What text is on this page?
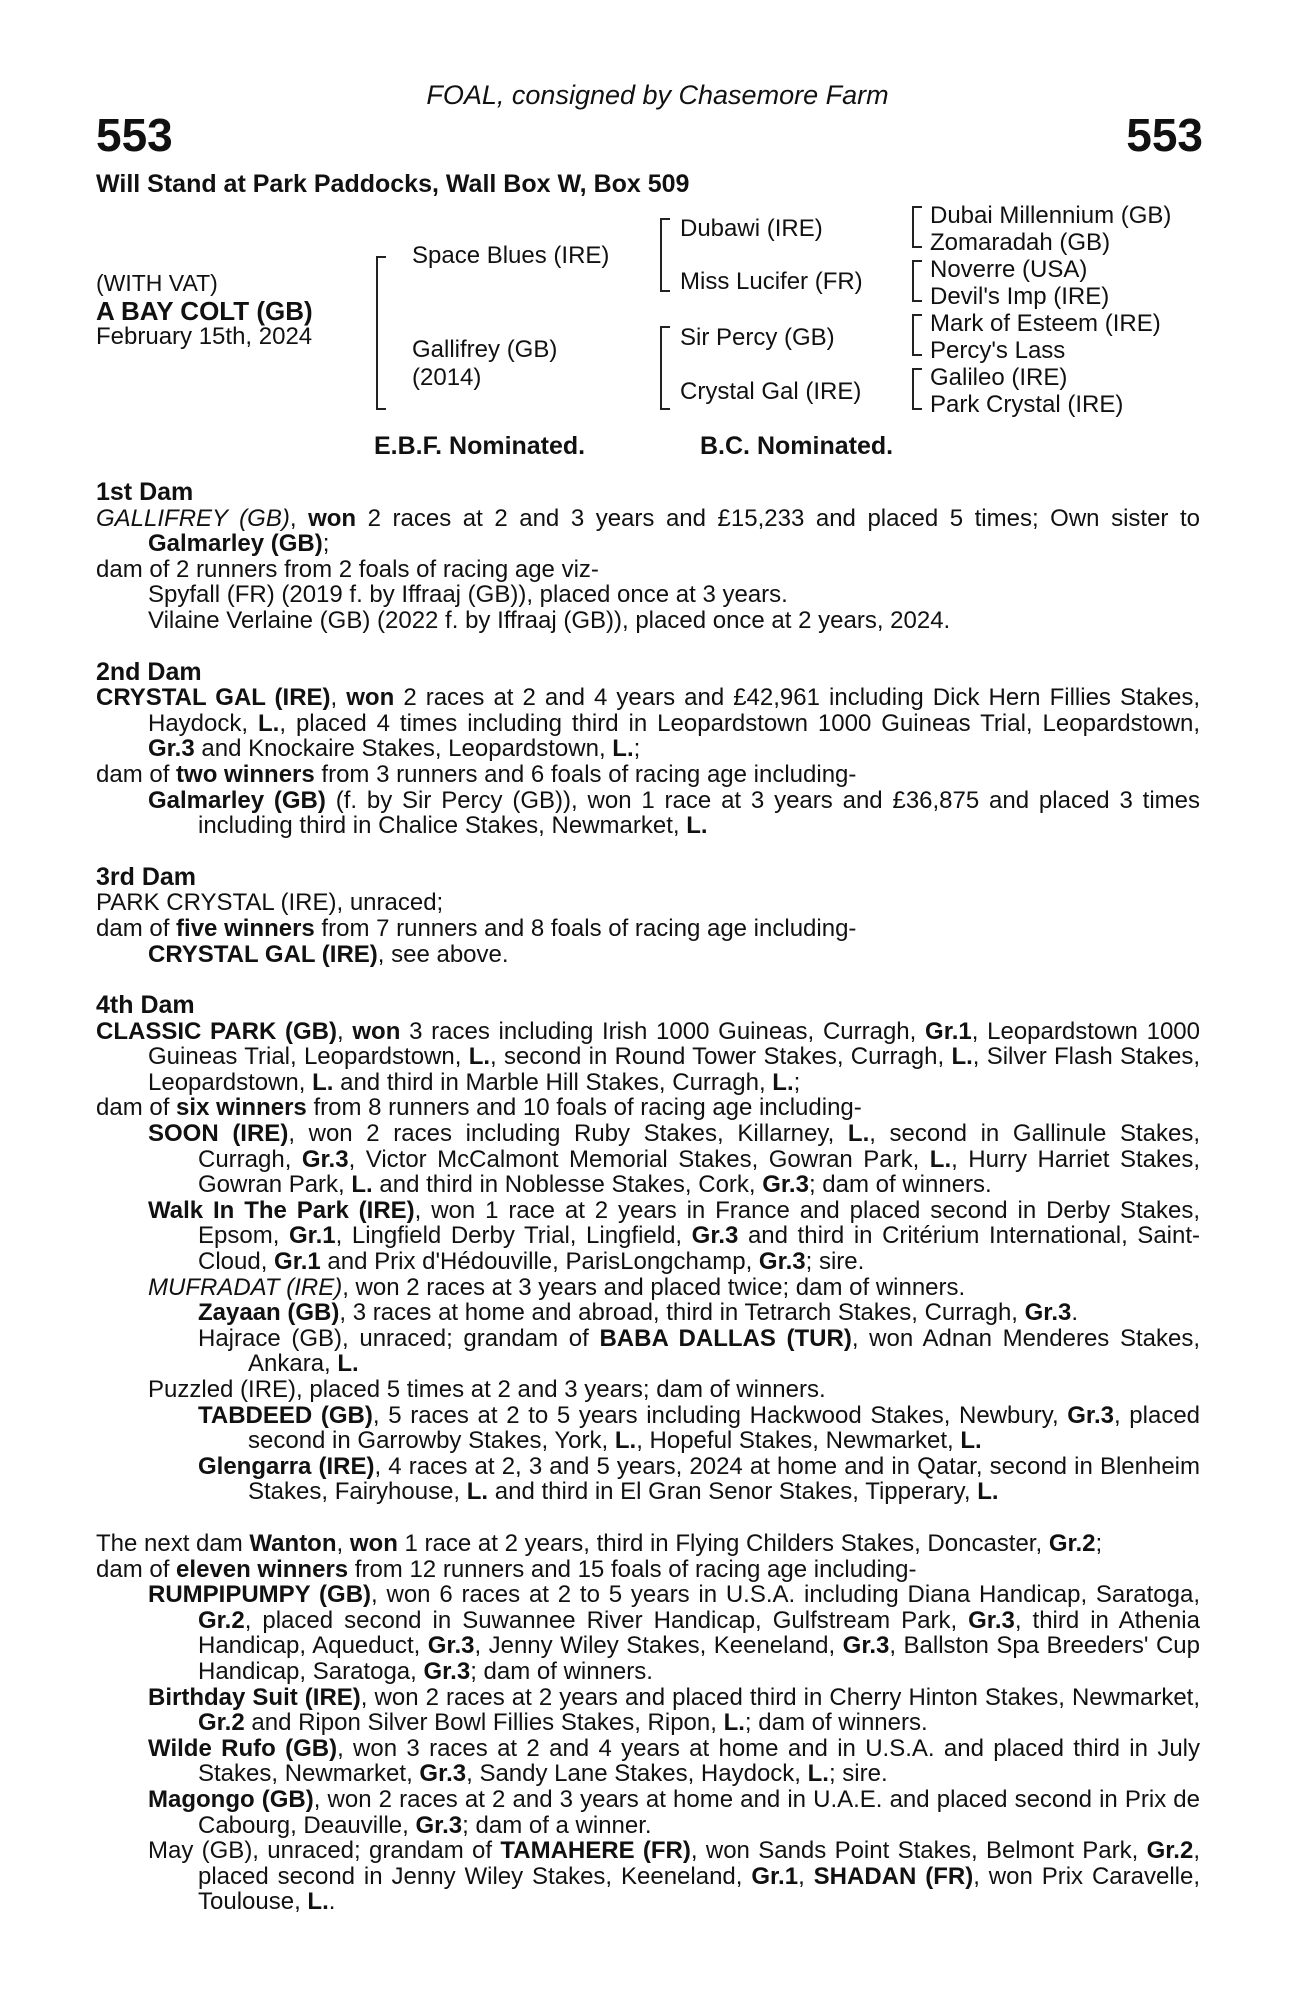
FOAL, consigned by Chasemore Farm
553	553
Will Stand at Park Paddocks, Wall Box W, Box 509
(WITH VAT)
A BAY COLT (GB)
February 15th, 2024
Space Blues (IRE)
Gallifrey (GB)
(2014)
Dubawi (IRE)
Miss Lucifer (FR)
Sir Percy (GB)
Crystal Gal (IRE)
Dubai Millennium (GB)
Zomaradah (GB)
Noverre (USA)
Devil's Imp (IRE)
Mark of Esteem (IRE)
Percy's Lass
Galileo (IRE)
Park Crystal (IRE)
E.B.F. Nominated.	B.C. Nominated.
1st Dam
GALLIFREY (GB), won 2 races at 2 and 3 years and £15,233 and placed 5 times; Own sister to Galmarley (GB);
dam of 2 runners from 2 foals of racing age viz-
Spyfall (FR) (2019 f. by Iffraaj (GB)), placed once at 3 years.
Vilaine Verlaine (GB) (2022 f. by Iffraaj (GB)), placed once at 2 years, 2024.
2nd Dam
CRYSTAL GAL (IRE), won 2 races at 2 and 4 years and £42,961 including Dick Hern Fillies Stakes, Haydock, L., placed 4 times including third in Leopardstown 1000 Guineas Trial, Leopardstown, Gr.3 and Knockaire Stakes, Leopardstown, L.;
dam of two winners from 3 runners and 6 foals of racing age including-
Galmarley (GB) (f. by Sir Percy (GB)), won 1 race at 3 years and £36,875 and placed 3 times including third in Chalice Stakes, Newmarket, L.
3rd Dam
PARK CRYSTAL (IRE), unraced;
dam of five winners from 7 runners and 8 foals of racing age including-
CRYSTAL GAL (IRE), see above.
4th Dam
CLASSIC PARK (GB), won 3 races including Irish 1000 Guineas, Curragh, Gr.1, Leopardstown 1000 Guineas Trial, Leopardstown, L., second in Round Tower Stakes, Curragh, L., Silver Flash Stakes, Leopardstown, L. and third in Marble Hill Stakes, Curragh, L.;
dam of six winners from 8 runners and 10 foals of racing age including-
SOON (IRE), won 2 races including Ruby Stakes, Killarney, L., second in Gallinule Stakes, Curragh, Gr.3, Victor McCalmont Memorial Stakes, Gowran Park, L., Hurry Harriet Stakes, Gowran Park, L. and third in Noblesse Stakes, Cork, Gr.3; dam of winners.
Walk In The Park (IRE), won 1 race at 2 years in France and placed second in Derby Stakes, Epsom, Gr.1, Lingfield Derby Trial, Lingfield, Gr.3 and third in Critérium International, Saint-Cloud, Gr.1 and Prix d'Hédouville, ParisLongchamp, Gr.3; sire.
MUFRADAT (IRE), won 2 races at 3 years and placed twice; dam of winners.
Zayaan (GB), 3 races at home and abroad, third in Tetrarch Stakes, Curragh, Gr.3.
Hajrace (GB), unraced; grandam of BABA DALLAS (TUR), won Adnan Menderes Stakes, Ankara, L.
Puzzled (IRE), placed 5 times at 2 and 3 years; dam of winners.
TABDEED (GB), 5 races at 2 to 5 years including Hackwood Stakes, Newbury, Gr.3, placed second in Garrowby Stakes, York, L., Hopeful Stakes, Newmarket, L.
Glengarra (IRE), 4 races at 2, 3 and 5 years, 2024 at home and in Qatar, second in Blenheim Stakes, Fairyhouse, L. and third in El Gran Senor Stakes, Tipperary, L.
The next dam Wanton, won 1 race at 2 years, third in Flying Childers Stakes, Doncaster, Gr.2;
dam of eleven winners from 12 runners and 15 foals of racing age including-
RUMPIPUMPY (GB), won 6 races at 2 to 5 years in U.S.A. including Diana Handicap, Saratoga, Gr.2, placed second in Suwannee River Handicap, Gulfstream Park, Gr.3, third in Athenia Handicap, Aqueduct, Gr.3, Jenny Wiley Stakes, Keeneland, Gr.3, Ballston Spa Breeders' Cup Handicap, Saratoga, Gr.3; dam of winners.
Birthday Suit (IRE), won 2 races at 2 years and placed third in Cherry Hinton Stakes, Newmarket, Gr.2 and Ripon Silver Bowl Fillies Stakes, Ripon, L.; dam of winners.
Wilde Rufo (GB), won 3 races at 2 and 4 years at home and in U.S.A. and placed third in July Stakes, Newmarket, Gr.3, Sandy Lane Stakes, Haydock, L.; sire.
Magongo (GB), won 2 races at 2 and 3 years at home and in U.A.E. and placed second in Prix de Cabourg, Deauville, Gr.3; dam of a winner.
May (GB), unraced; grandam of TAMAHERE (FR), won Sands Point Stakes, Belmont Park, Gr.2, placed second in Jenny Wiley Stakes, Keeneland, Gr.1, SHADAN (FR), won Prix Caravelle, Toulouse, L..
